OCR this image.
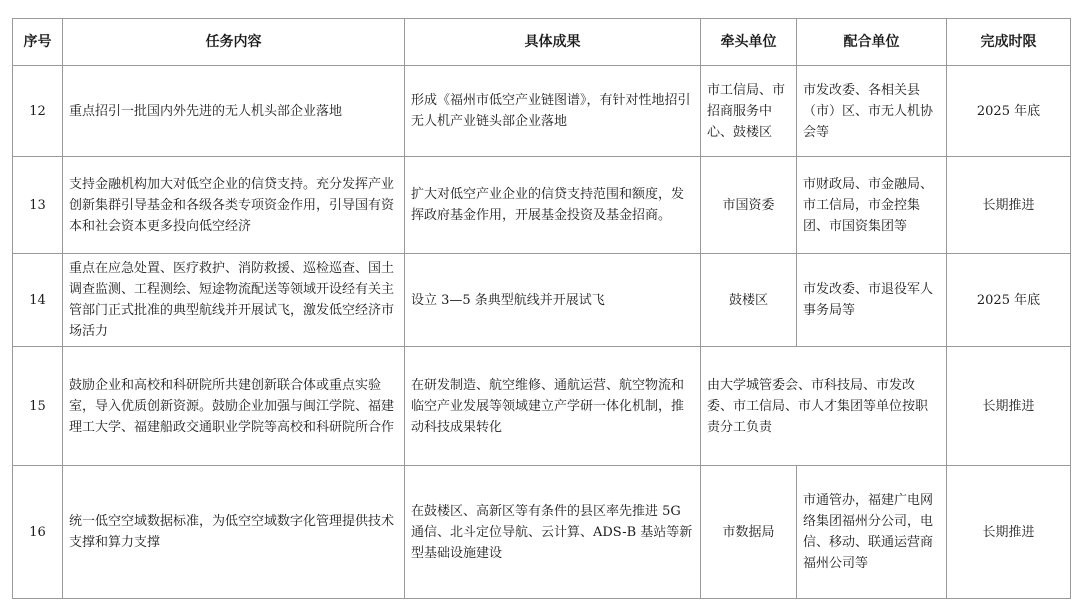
序号	任务内容	具体成果	牵头单位	配合单位	完成时限
12	重点招引一批国内外先进的无人机头部企业落地	形成《福州市低空产业链图谱》，有针对性地招引无人机产业链头部企业落地	市工信局、市招商服务中心、鼓楼区	市发改委、各相关县（市）区、市无人机协会等	2025 年底
13	支持金融机构加大对低空企业的信贷支持。充分发挥产业创新集群引导基金和各级各类专项资金作用，引导国有资本和社会资本更多投向低空经济	扩大对低空产业企业的信贷支持范围和额度，发挥政府基金作用，开展基金投资及基金招商。	市国资委	市财政局、市金融局、市工信局，市金控集团、市国资集团等	长期推进
14	重点在应急处置、医疗救护、消防救援、巡检巡查、国土调查监测、工程测绘、短途物流配送等领域开设经有关主管部门正式批准的典型航线并开展试飞，激发低空经济市场活力	设立 3—5 条典型航线并开展试飞	鼓楼区	市发改委、市退役军人事务局等	2025 年底
15	鼓励企业和高校和科研院所共建创新联合体或重点实验室，导入优质创新资源。鼓励企业加强与闽江学院、福建理工大学、福建船政交通职业学院等高校和科研院所合作	在研发制造、航空维修、通航运营、航空物流和临空产业发展等领域建立产学研一体化机制，推动科技成果转化	由大学城管委会、市科技局、市发改委、市工信局、市人才集团等单位按职责分工负责		长期推进
16	统一低空空域数据标准，为低空空域数字化管理提供技术支撑和算力支撑	在鼓楼区、高新区等有条件的县区率先推进 5G 通信、北斗定位导航、云计算、ADS-B 基站等新型基础设施建设	市数据局	市通管办，福建广电网络集团福州分公司，电信、移动、联通运营商福州公司等	长期推进
